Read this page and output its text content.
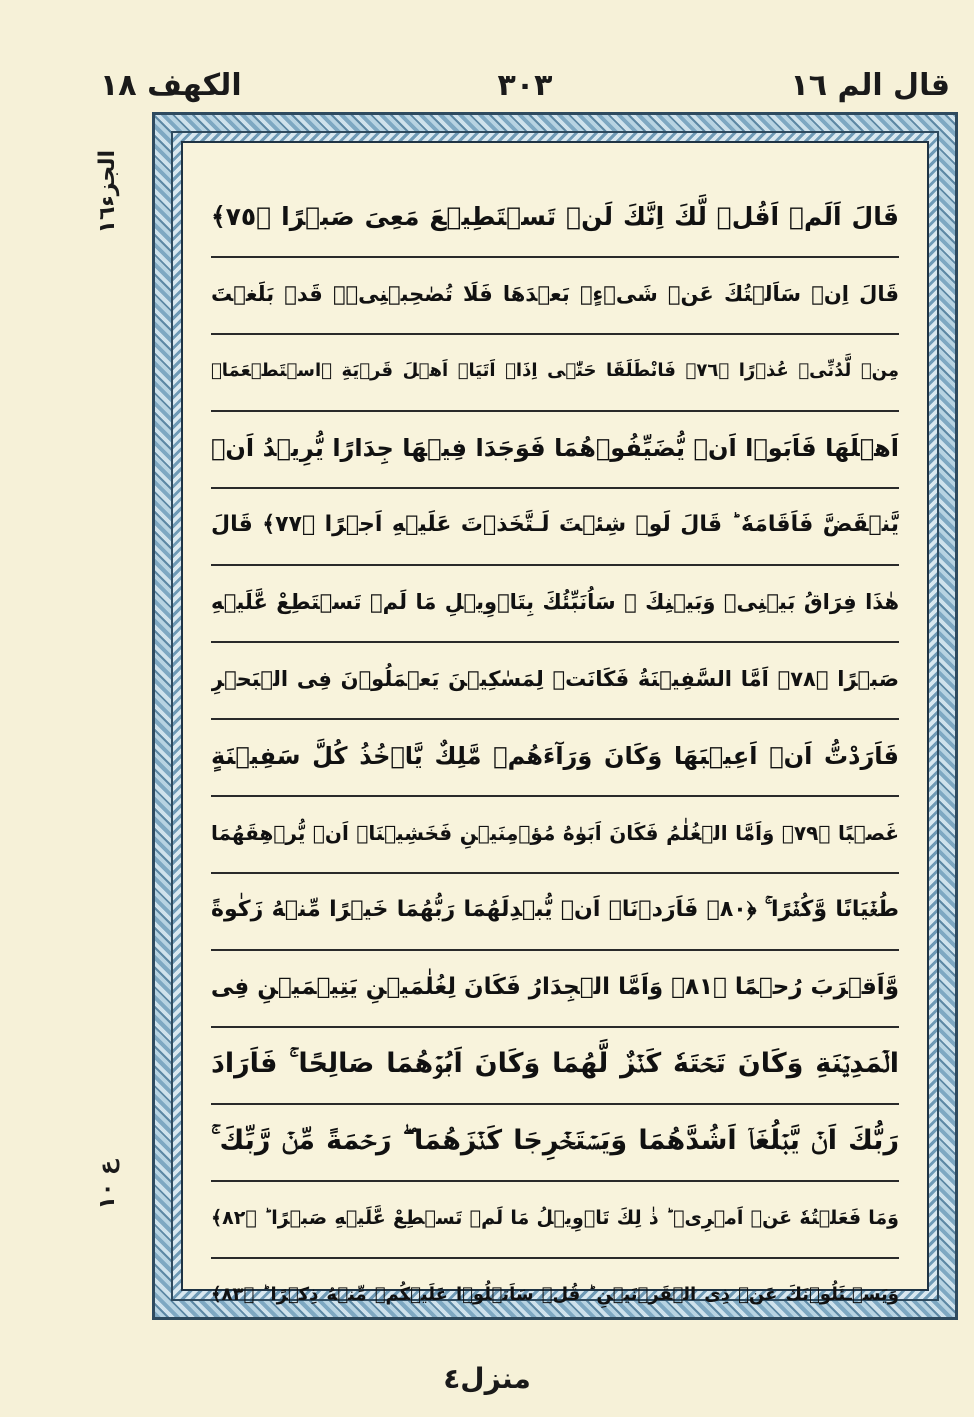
قال الم ١٦
٣٠٣
الكهف ١٨
الجزء١٦
ع ١٠
قَالَ اَلَمۡ اَقُلۡ لَّكَ اِنَّكَ لَنۡ تَسۡتَطِيۡعَ مَعِىَ صَبۡرًا ﴿٧٥﴾
قَالَ اِنۡ سَاَلۡتُكَ عَنۡ شَىۡءٍۢ بَعۡدَهَا فَلَا تُصٰحِبۡنِىۡ‌ۚ قَدۡ بَلَغۡتَ
مِنۡ لَّدُنِّىۡ عُذۡرًا ﴿٧٦﴾ فَانْطَلَقَا‌ حَتّٰۤى اِذَاۤ اَتَيَاۤ اَهۡلَ قَرۡيَةِ ۨاسۡتَطۡعَمَاۤ
اَهۡلَهَا فَاَبَوۡا اَنۡ يُّضَيِّفُوۡهُمَا فَوَجَدَا فِيۡهَا جِدَارًا يُّرِيۡدُ اَنۡ
يَّنۡقَضَّ فَاَقَامَهٗ‌ ؕ قَالَ لَوۡ شِئۡتَ لَـتَّخَذۡتَ عَلَيۡهِ اَجۡرًا ﴿٧٧﴾ قَالَ
هٰذَا فِرَاقُ بَيۡنِىۡ وَبَيۡنِكَ‌ ۚ سَاُنَبِّئُكَ بِتَاۡوِيۡلِ مَا لَمۡ تَسۡتَطِعْ عَّلَيۡهِ
صَبۡرًا ﴿٧٨﴾ اَمَّا السَّفِيۡنَةُ فَكَانَتۡ لِمَسٰكِيۡنَ يَعۡمَلُوۡنَ فِى الۡبَحۡرِ
فَاَرَدْتُّ اَنۡ اَعِيۡبَهَا وَكَانَ وَرَآءَهُمۡ مَّلِكٌ يَّاۡخُذُ كُلَّ سَفِيۡنَةٍ
غَصۡبًا ﴿٧٩﴾ وَاَمَّا الۡغُلٰمُ فَكَانَ اَبَوٰهُ مُؤۡمِنَيۡنِ فَخَشِيۡنَاۤ اَنۡ يُّرۡهِقَهُمَا
طُغۡيَانًا وَّكُفۡرًا‌ ۚ ﴿٨٠﴾ فَاَرَدۡنَاۤ اَنۡ يُّبۡدِلَهُمَا رَبُّهُمَا خَيۡرًا مِّنۡهُ زَكٰوةً
وَّاَقۡرَبَ رُحۡمًا ﴿٨١﴾ وَاَمَّا الۡجِدَارُ فَكَانَ لِغُلٰمَيۡنِ يَتِيۡمَيۡنِ فِى
الۡمَدِيۡنَةِ وَكَانَ تَحۡتَهٗ كَنۡزٌ لَّهُمَا وَكَانَ اَبُوۡهُمَا صَالِحًا‌ ۚ فَاَرَادَ
رَبُّكَ اَنۡ يَّبۡلُغَاۤ اَشُدَّهُمَا وَيَسۡتَخۡرِجَا كَنۡزَهُمَا‌ ‌ۖ رَحۡمَةً مِّنۡ رَّبِّكَ‌ ۚ
وَمَا فَعَلۡتُهٗ عَنۡ اَمۡرِىۡ‌ ؕ ذٰ لِكَ تَاۡوِيۡلُ مَا لَمۡ تَسۡطِعْ عَّلَيۡهِ صَبۡرًا ؕ ﴿٨٢﴾
وَيَسۡـئَلُوۡنَكَ عَنۡ ذِى الۡقَرۡنَيۡنِ‌ ؕ قُلۡ سَاَتۡلُوۡا عَلَيۡكُمۡ مِّنۡهُ ذِكۡرًا ؕ ﴿٨٣﴾
منزل٤
